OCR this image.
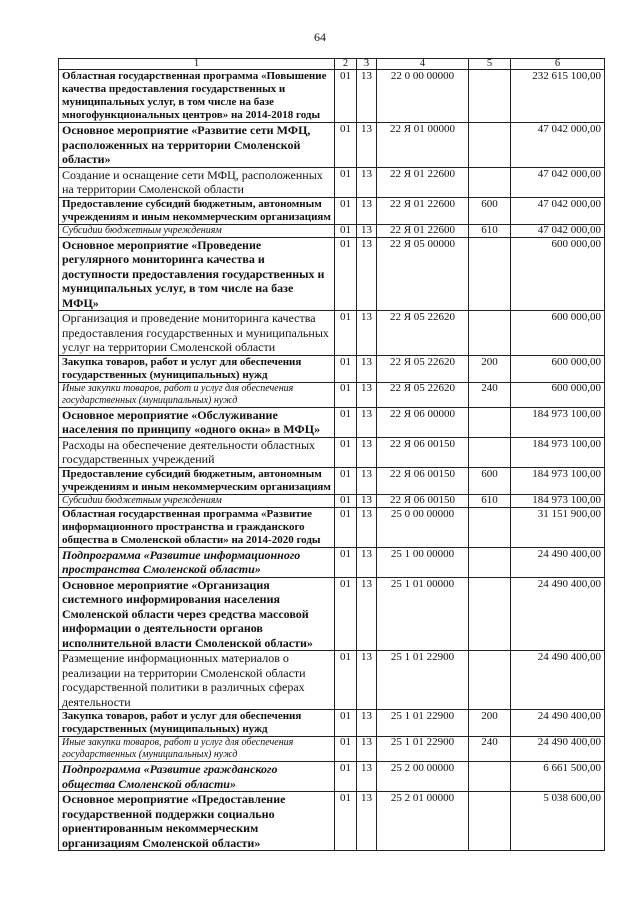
64
1	2	3	4	5	6
Областная государственная программа «Повышение качества предоставления государственных и муниципальных услуг, в том числе на базе многофункциональных центров» на 2014-2018 годы	01	13	22 0 00 00000		232 615 100,00
Основное мероприятие «Развитие сети МФЦ, расположенных на территории Смоленской области»	01	13	22 Я 01 00000		47 042 000,00
Создание и оснащение сети МФЦ, расположенных на территории Смоленской области	01	13	22 Я 01 22600		47 042 000,00
Предоставление субсидий бюджетным, автономным учреждениям и иным некоммерческим организациям	01	13	22 Я 01 22600	600	47 042 000,00
Субсидии бюджетным учреждениям	01	13	22 Я 01 22600	610	47 042 000,00
Основное мероприятие «Проведение регулярного мониторинга качества и доступности предоставления государственных и муниципальных услуг, в том числе на базе МФЦ»	01	13	22 Я 05 00000		600 000,00
Организация и проведение мониторинга качества предоставления государственных и муниципальных услуг на территории Смоленской области	01	13	22 Я 05 22620		600 000,00
Закупка товаров, работ и услуг для обеспечения государственных (муниципальных) нужд	01	13	22 Я 05 22620	200	600 000,00
Иные закупки товаров, работ и услуг для обеспечения государственных (муниципальных) нужд	01	13	22 Я 05 22620	240	600 000,00
Основное мероприятие «Обслуживание населения по принципу «одного окна» в МФЦ»	01	13	22 Я 06 00000		184 973 100,00
Расходы на обеспечение деятельности областных государственных учреждений	01	13	22 Я 06 00150		184 973 100,00
Предоставление субсидий бюджетным, автономным учреждениям и иным некоммерческим организациям	01	13	22 Я 06 00150	600	184 973 100,00
Субсидии бюджетным учреждениям	01	13	22 Я 06 00150	610	184 973 100,00
Областная государственная программа «Развитие информационного пространства и гражданского общества в Смоленской области» на 2014-2020 годы	01	13	25 0 00 00000		31 151 900,00
Подпрограмма «Развитие информационного пространства Смоленской области»	01	13	25 1 00 00000		24 490 400,00
Основное мероприятие «Организация системного информирования населения Смоленской области через средства массовой информации о деятельности органов исполнительной власти Смоленской области»	01	13	25 1 01 00000		24 490 400,00
Размещение информационных материалов о реализации на территории Смоленской области государственной политики в различных сферах деятельности	01	13	25 1 01 22900		24 490 400,00
Закупка товаров, работ и услуг для обеспечения государственных (муниципальных) нужд	01	13	25 1 01 22900	200	24 490 400,00
Иные закупки товаров, работ и услуг для обеспечения государственных (муниципальных) нужд	01	13	25 1 01 22900	240	24 490 400,00
Подпрограмма «Развитие гражданского общества Смоленской области»	01	13	25 2 00 00000		6 661 500,00
Основное мероприятие «Предоставление государственной поддержки социально ориентированным некоммерческим организациям Смоленской области»	01	13	25 2 01 00000		5 038 600,00
